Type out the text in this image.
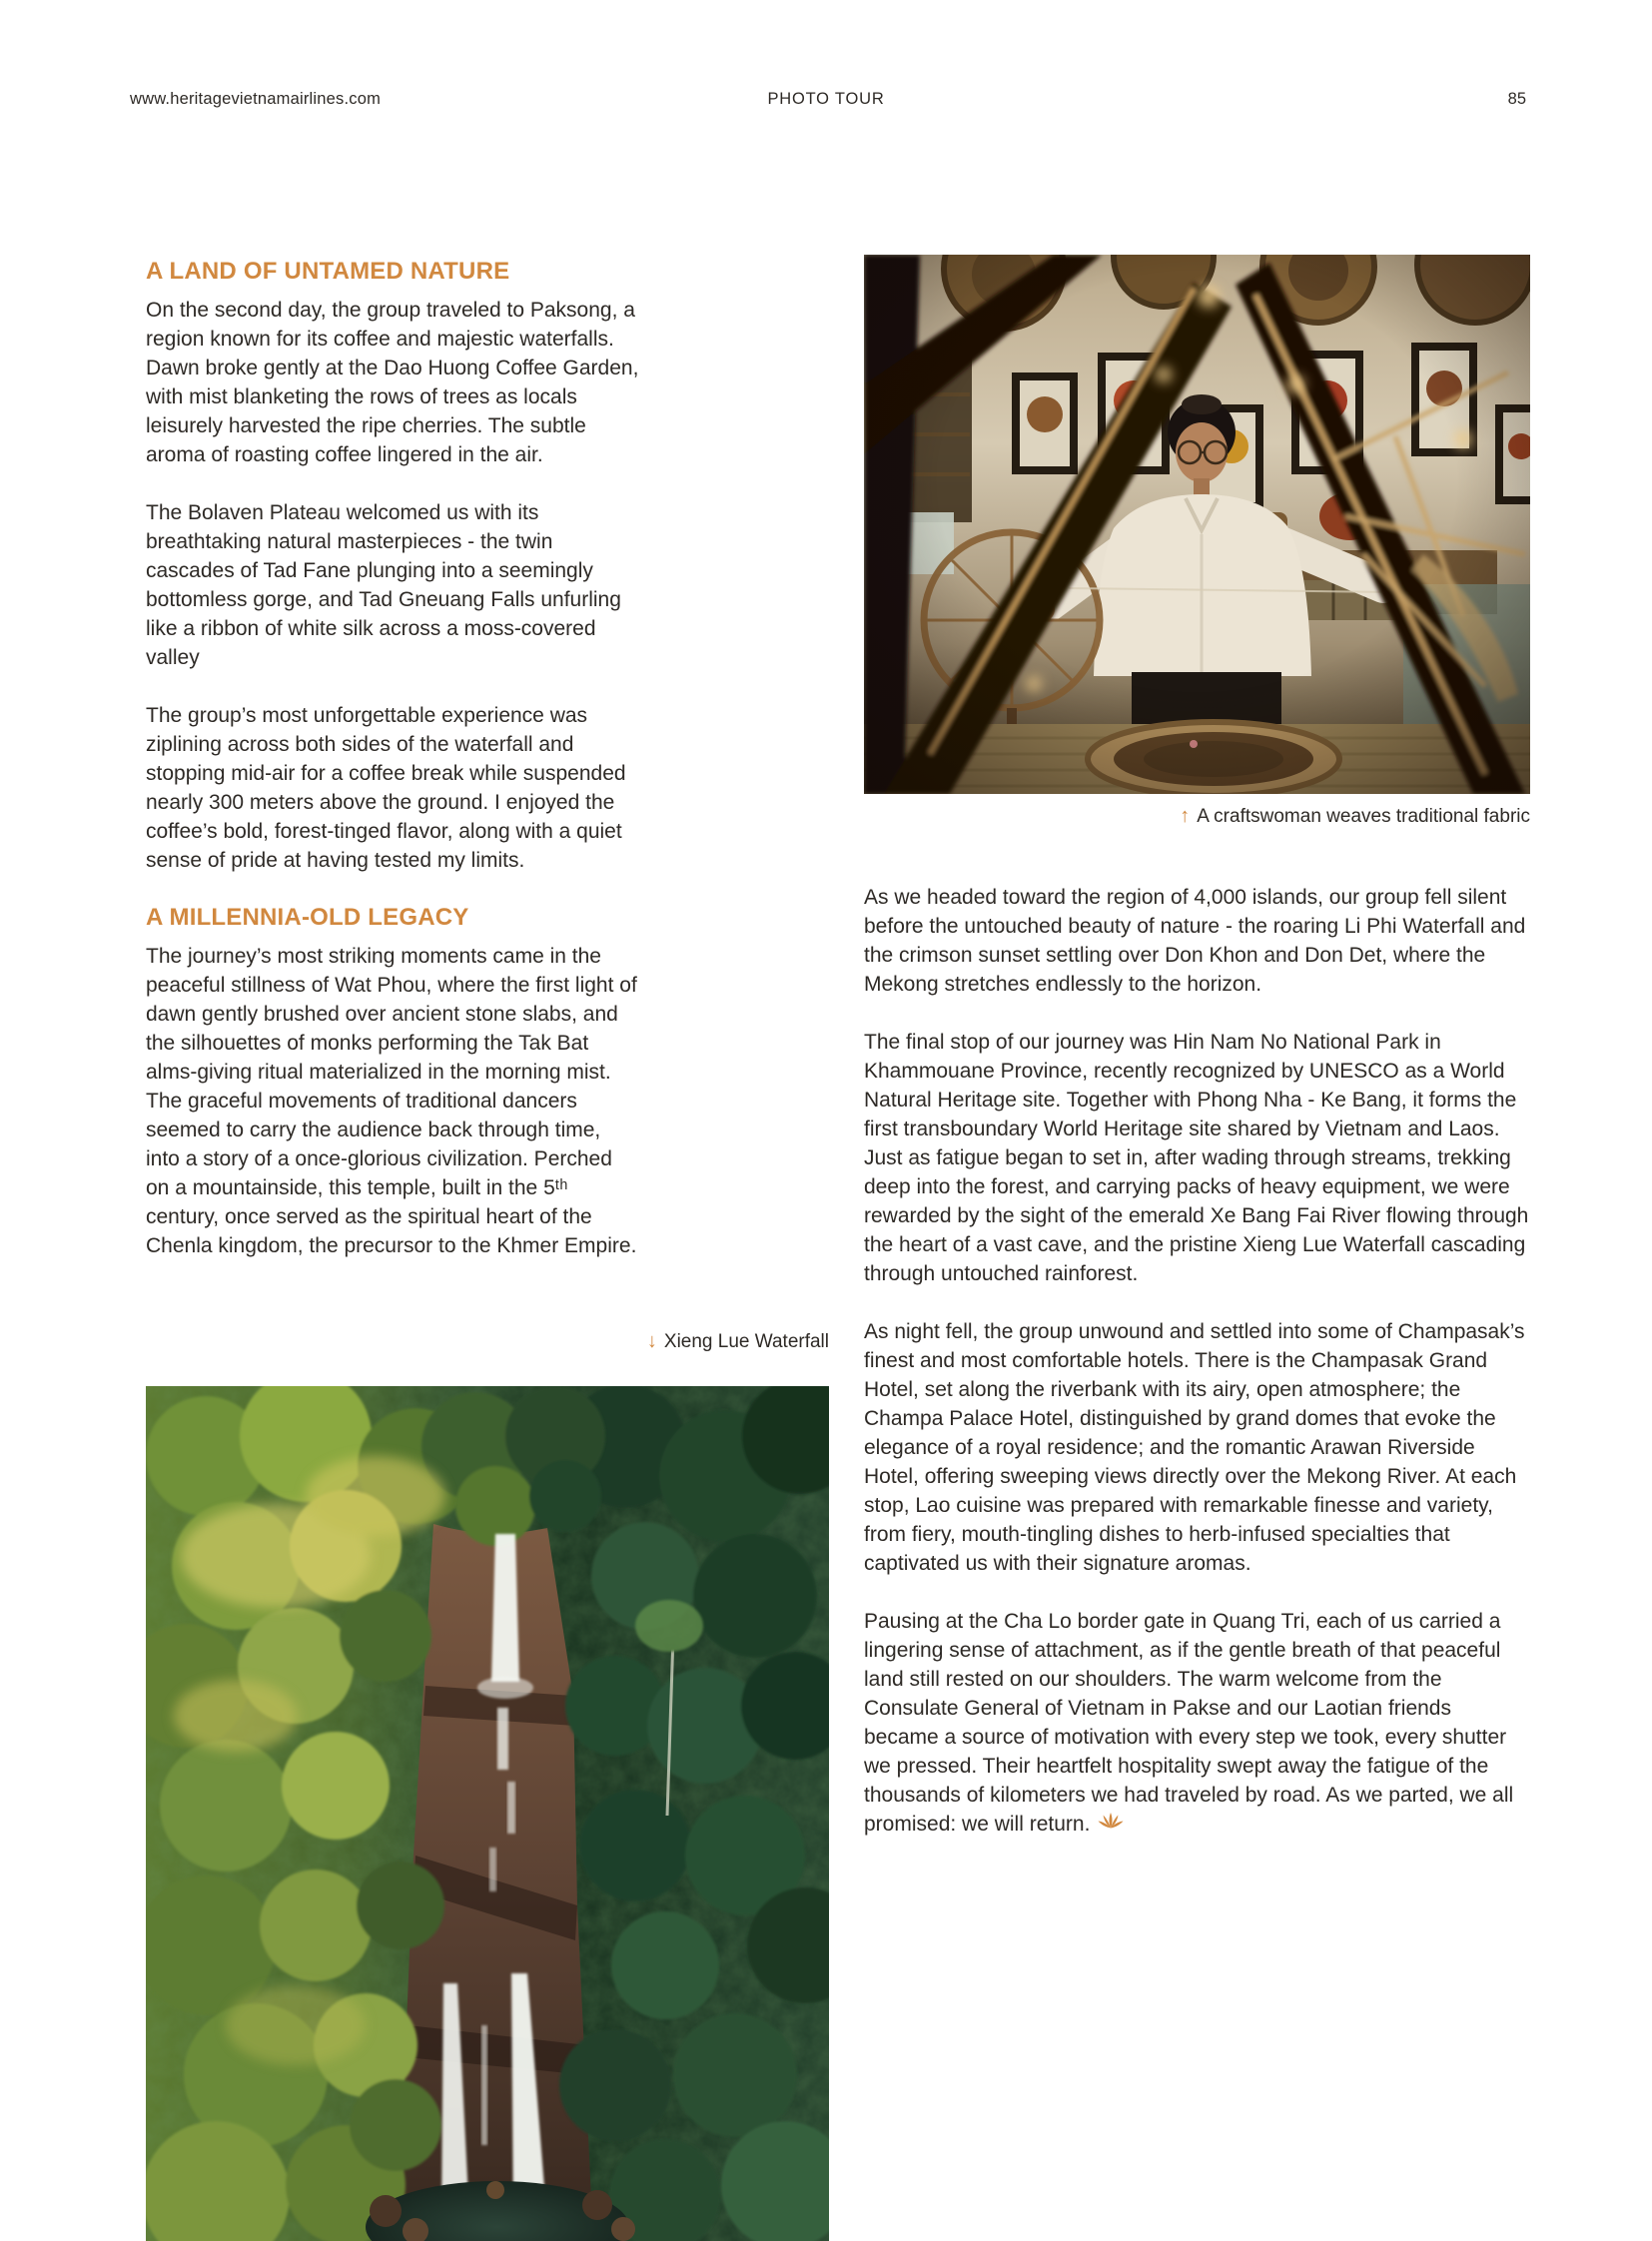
www.heritagevietnamairlines.com	PHOTO TOUR	85
A LAND OF UNTAMED NATURE

On the second day, the group traveled to Paksong, a region known for its coffee and majestic waterfalls. Dawn broke gently at the Dao Huong Coffee Garden, with mist blanketing the rows of trees as locals leisurely harvested the ripe cherries. The subtle aroma of roasting coffee lingered in the air.

The Bolaven Plateau welcomed us with its breathtaking natural masterpieces - the twin cascades of Tad Fane plunging into a seemingly bottomless gorge, and Tad Gneuang Falls unfurling like a ribbon of white silk across a moss-covered valley

The group’s most unforgettable experience was ziplining across both sides of the waterfall and stopping mid-air for a coffee break while suspended nearly 300 meters above the ground. I enjoyed the coffee’s bold, forest-tinged flavor, along with a quiet sense of pride at having tested my limits.

A MILLENNIA-OLD LEGACY

The journey’s most striking moments came in the peaceful stillness of Wat Phou, where the first light of dawn gently brushed over ancient stone slabs, and the silhouettes of monks performing the Tak Bat alms-giving ritual materialized in the morning mist. The graceful movements of traditional dancers seemed to carry the audience back through time, into a story of a once-glorious civilization. Perched on a mountainside, this temple, built in the 5ᵗʰ century, once served as the spiritual heart of the Chenla kingdom, the precursor to the Khmer Empire.

↓ Xieng Lue Waterfall
↑ A craftswoman weaves traditional fabric

As we headed toward the region of 4,000 islands, our group fell silent before the untouched beauty of nature - the roaring Li Phi Waterfall and the crimson sunset settling over Don Khon and Don Det, where the Mekong stretches endlessly to the horizon.

The final stop of our journey was Hin Nam No National Park in Khammouane Province, recently recognized by UNESCO as a World Natural Heritage site. Together with Phong Nha - Ke Bang, it forms the first transboundary World Heritage site shared by Vietnam and Laos. Just as fatigue began to set in, after wading through streams, trekking deep into the forest, and carrying packs of heavy equipment, we were rewarded by the sight of the emerald Xe Bang Fai River flowing through the heart of a vast cave, and the pristine Xieng Lue Waterfall cascading through untouched rainforest.

As night fell, the group unwound and settled into some of Champasak’s finest and most comfortable hotels. There is the Champasak Grand Hotel, set along the riverbank with its airy, open atmosphere; the Champa Palace Hotel, distinguished by grand domes that evoke the elegance of a royal residence; and the romantic Arawan Riverside Hotel, offering sweeping views directly over the Mekong River. At each stop, Lao cuisine was prepared with remarkable finesse and variety, from fiery, mouth-tingling dishes to herb-infused specialties that captivated us with their signature aromas.

Pausing at the Cha Lo border gate in Quang Tri, each of us carried a lingering sense of attachment, as if the gentle breath of that peaceful land still rested on our shoulders. The warm welcome from the Consulate General of Vietnam in Pakse and our Laotian friends became a source of motivation with every step we took, every shutter we pressed. Their heartfelt hospitality swept away the fatigue of the thousands of kilometers we had traveled by road. As we parted, we all promised: we will return.
